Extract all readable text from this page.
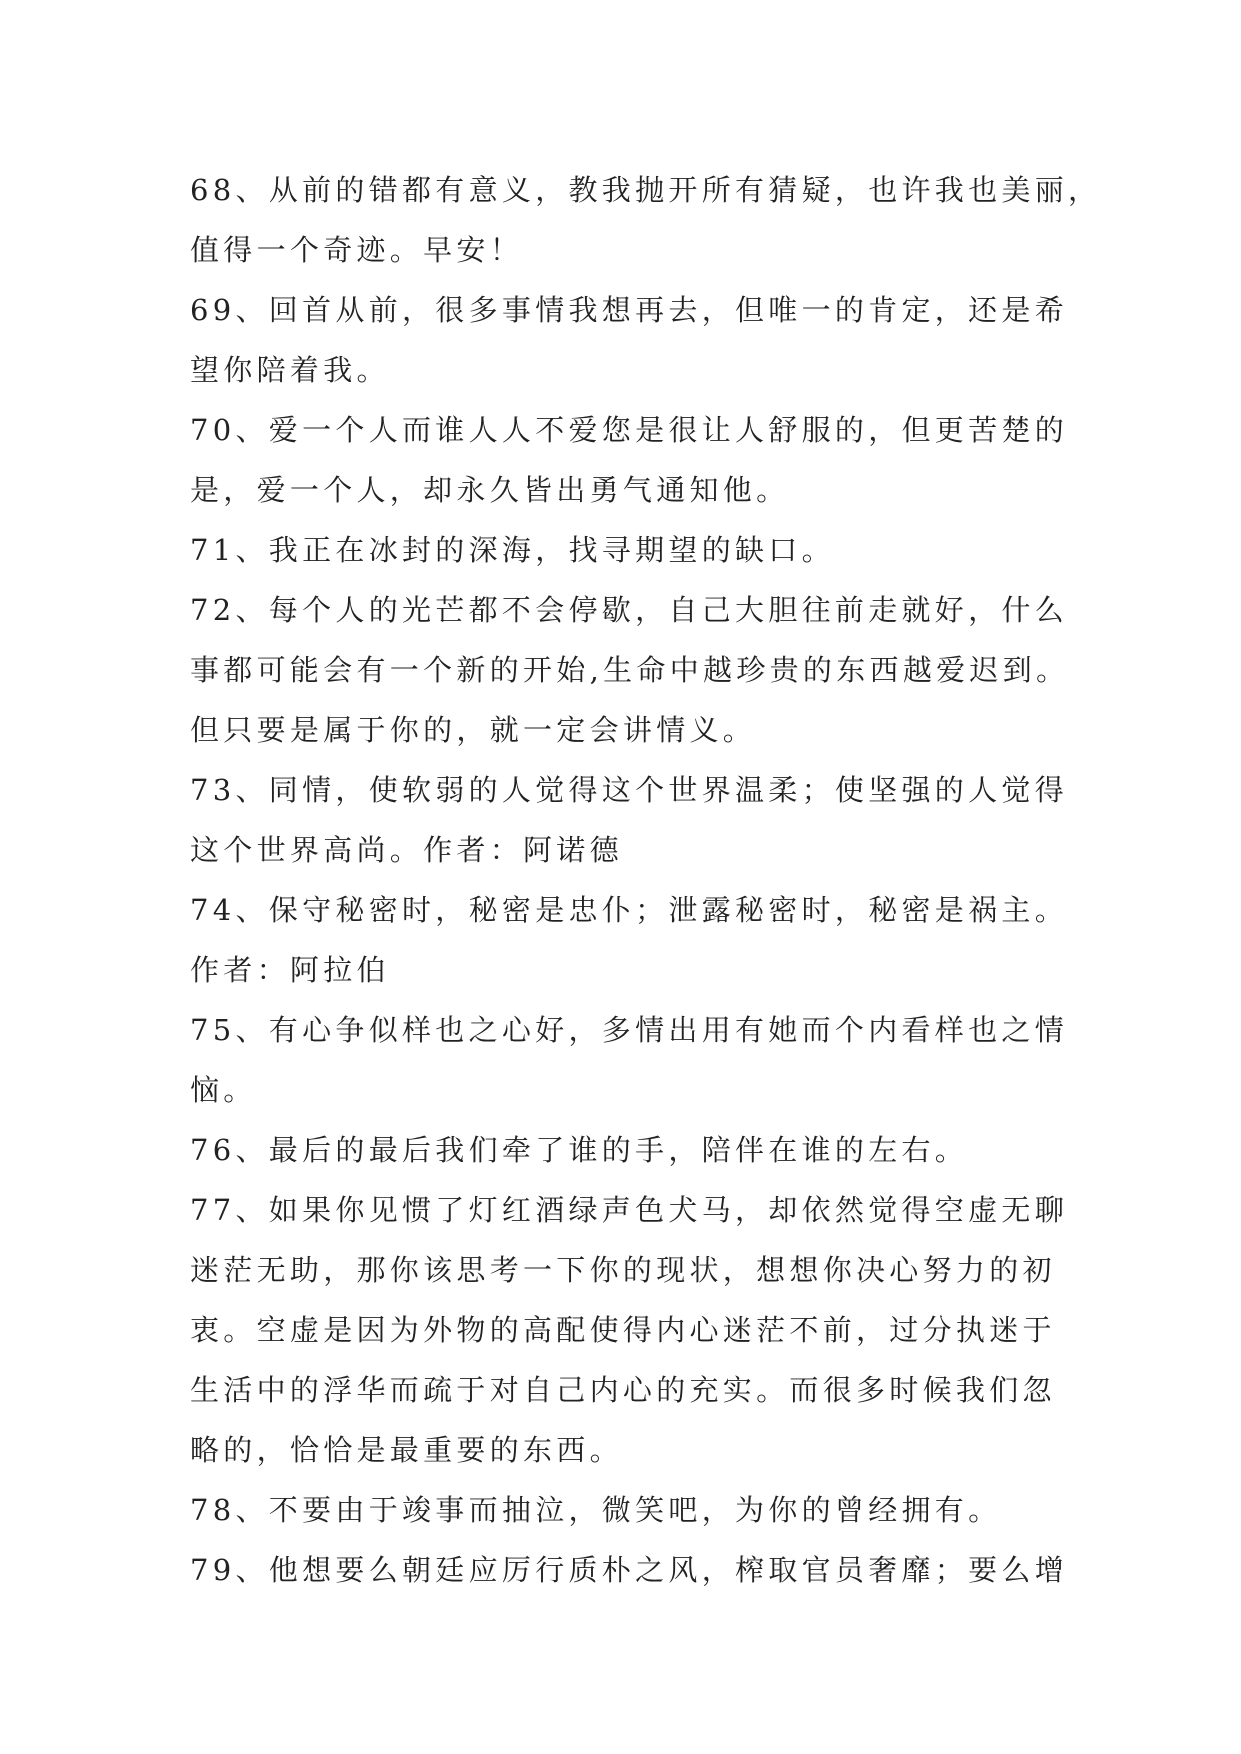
68、从前的错都有意义，教我抛开所有猜疑，也许我也美丽，
值得一个奇迹。早安！
69、回首从前，很多事情我想再去，但唯一的肯定，还是希
望你陪着我。
70、爱一个人而谁人人不爱您是很让人舒服的，但更苦楚的
是，爱一个人，却永久皆出勇气通知他。
71、我正在冰封的深海，找寻期望的缺口。
72、每个人的光芒都不会停歇，自己大胆往前走就好，什么
事都可能会有一个新的开始,生命中越珍贵的东西越爱迟到。
但只要是属于你的，就一定会讲情义。
73、同情，使软弱的人觉得这个世界温柔；使坚强的人觉得
这个世界高尚。作者：阿诺德
74、保守秘密时，秘密是忠仆；泄露秘密时，秘密是祸主。
作者：阿拉伯
75、有心争似样也之心好，多情出用有她而个内看样也之情
恼。
76、最后的最后我们牵了谁的手，陪伴在谁的左右。
77、如果你见惯了灯红酒绿声色犬马，却依然觉得空虚无聊
迷茫无助，那你该思考一下你的现状，想想你决心努力的初
衷。空虚是因为外物的高配使得内心迷茫不前，过分执迷于
生活中的浮华而疏于对自己内心的充实。而很多时候我们忽
略的，恰恰是最重要的东西。
78、不要由于竣事而抽泣，微笑吧，为你的曾经拥有。
79、他想要么朝廷应厉行质朴之风，榨取官员奢靡；要么增
